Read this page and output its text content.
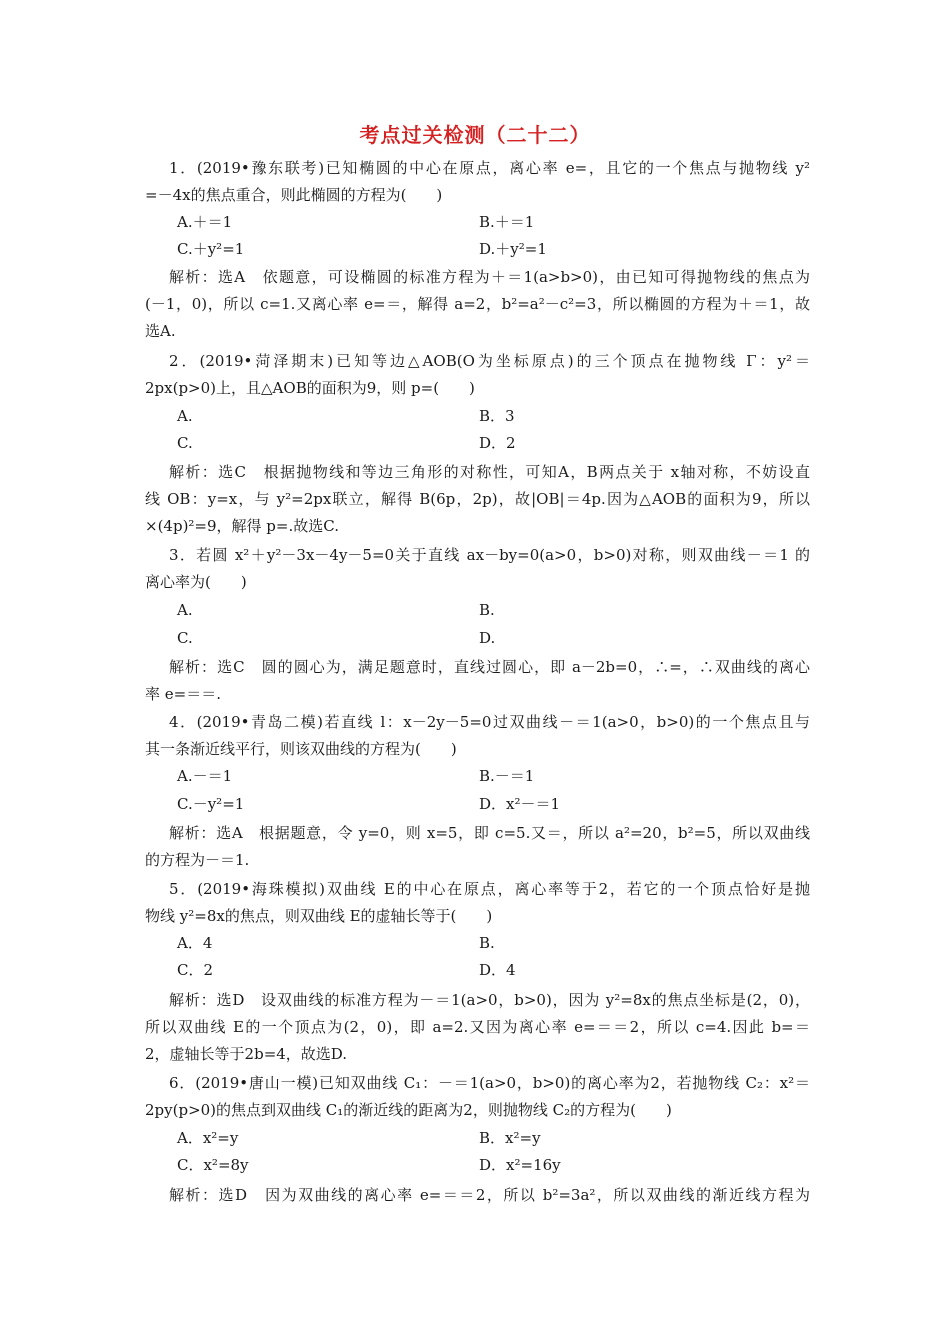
考点过关检测（二十二）
1．(2019•豫东联考)已知椭圆的中心在原点，离心率 e=，且它的一个焦点与抛物线 y²
=－4x的焦点重合，则此椭圆的方程为(　　)
A.＋＝1	B.＋＝1
C.＋y²=1	D.＋y²=1
解析：选A　依题意，可设椭圆的标准方程为＋＝1(a>b>0)，由已知可得抛物线的焦点为
(－1，0)，所以 c=1.又离心率 e=＝，解得 a=2，b²=a²－c²=3，所以椭圆的方程为＋＝1，故
选A.
2．(2019•菏泽期末)已知等边△AOB(O为坐标原点)的三个顶点在抛物线 Γ：y²＝
2px(p>0)上，且△AOB的面积为9，则 p=(　　)
A.	B．3
C.	D．2
解析：选C　根据抛物线和等边三角形的对称性，可知A，B两点关于 x轴对称，不妨设直
线 OB：y=x，与 y²=2px联立，解得 B(6p，2p)，故|OB|＝4p.因为△AOB的面积为9，所以
×(4p)²=9，解得 p=.故选C.
3．若圆 x²＋y²－3x－4y－5=0关于直线 ax－by=0(a>0，b>0)对称，则双曲线－＝1 的
离心率为(　　)
A.	B.
C.	D.
解析：选C　圆的圆心为，满足题意时，直线过圆心，即 a－2b=0，∴=，∴双曲线的离心
率 e=＝＝.
4．(2019•青岛二模)若直线 l：x－2y－5=0过双曲线－＝1(a>0，b>0)的一个焦点且与
其一条渐近线平行，则该双曲线的方程为(　　)
A.－＝1	B.－＝1
C.－y²=1	D．x²－＝1
解析：选A　根据题意，令 y=0，则 x=5，即 c=5.又＝，所以 a²=20，b²=5，所以双曲线
的方程为－＝1.
5．(2019•海珠模拟)双曲线 E的中心在原点，离心率等于2，若它的一个顶点恰好是抛
物线 y²=8x的焦点，则双曲线 E的虚轴长等于(　　)
A．4	B.
C．2	D．4
解析：选D　设双曲线的标准方程为－＝1(a>0，b>0)，因为 y²=8x的焦点坐标是(2，0)，
所以双曲线 E的一个顶点为(2，0)，即 a=2.又因为离心率 e=＝＝2，所以 c=4.因此 b=＝
2，虚轴长等于2b=4，故选D.
6．(2019•唐山一模)已知双曲线 C₁：－＝1(a>0，b>0)的离心率为2，若抛物线 C₂：x²＝
2py(p>0)的焦点到双曲线 C₁的渐近线的距离为2，则抛物线 C₂的方程为(　　)
A．x²=y	B．x²=y
C．x²=8y	D．x²=16y
解析：选D　因为双曲线的离心率 e=＝＝2，所以 b²=3a²，所以双曲线的渐近线方程为
